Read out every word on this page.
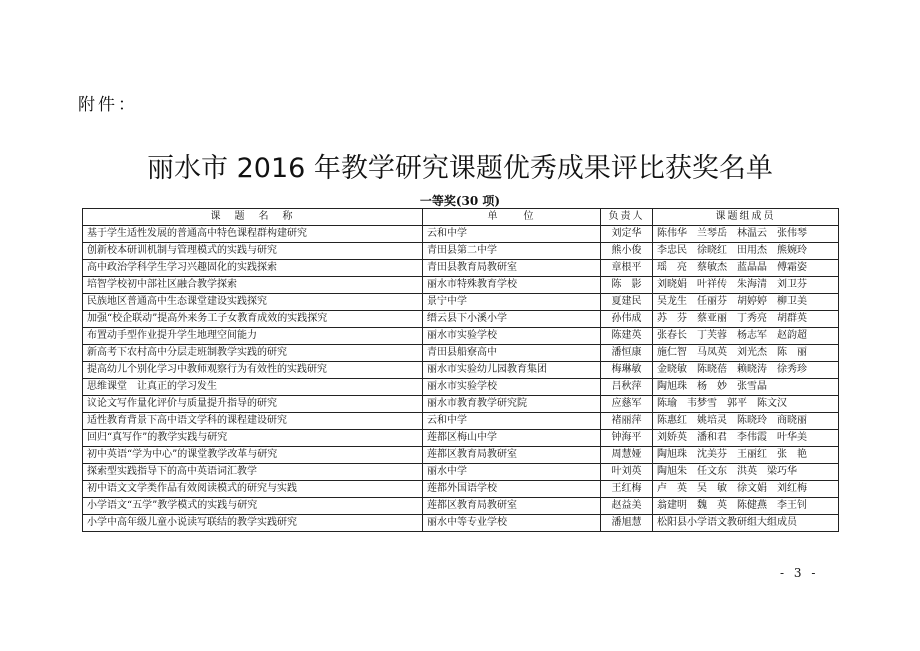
附件：
丽水市 2016 年教学研究课题优秀成果评比获奖名单
一等奖(30 项)
课　题　名　称	单　　位	负责人	课题组成员
基于学生适性发展的普通高中特色课程群构建研究	云和中学	刘定华	陈伟华　兰琴岳　林温云　张伟琴
创新校本研训机制与管理模式的实践与研究	青田县第二中学	熊小俊	李忠民　徐晓红　田用杰　熊婉玲
高中政治学科学生学习兴趣固化的实践探索	青田县教育局教研室	章根平	瑶　亮　蔡敏杰　蓝晶晶　傅霜姿
培智学校初中部社区融合教学探索	丽水市特殊教育学校	陈　影	刘晓娟　叶祥传　朱海清　刘卫芬
民族地区普通高中生态课堂建设实践探究	景宁中学	夏建民	吴龙生　任丽芬　胡婷婷　柳卫美
加强“校企联动”提高外来务工子女教育成效的实践探究	缙云县下小溪小学	孙伟成	苏　芬　蔡亚丽　丁秀亮　胡群英
布置动手型作业提升学生地理空间能力	丽水市实验学校	陈建英	张春长　丁芙蓉　杨志军　赵韵超
新高考下农村高中分层走班制教学实践的研究	青田县船寮高中	潘恒康	施仁智　马凤英　刘光杰　陈　丽
提高幼儿个别化学习中教师观察行为有效性的实践研究	丽水市实验幼儿园教育集团	梅琳敏	金晓敏　陈晓蓓　赖晓涛　徐秀珍
思维课堂　让真正的学习发生	丽水市实验学校	吕秋萍	陶旭珠　杨　妙　张雪晶
议论文写作量化评价与质量提升指导的研究	丽水市教育教学研究院	应慈军	陈瑜　韦梦雪　郭平　陈文汉
适性教育背景下高中语文学科的课程建设研究	云和中学	褚丽萍	陈惠红　姚培灵　陈晓玲　商晓丽
回归“真写作”的教学实践与研究	莲都区梅山中学	钟海平	刘娇英　潘和君　李伟霞　叶华美
初中英语“学为中心”的课堂教学改革与研究	莲都区教育局教研室	周慧娅	陶旭珠　沈美芬　王丽红　张　艳
探索型实践指导下的高中英语词汇教学	丽水中学	叶刘英	陶旭朱　任文东　洪英　梁巧华
初中语文文学类作品有效阅读模式的研究与实践	莲都外国语学校	王红梅	卢　英　吴　敏　徐文娟　刘红梅
小学语文“五学”教学模式的实践与研究	莲都区教育局教研室	赵益美	翁建明　魏　英　陈健燕　李王钊
小学中高年级儿童小说读写联结的教学实践研究	丽水中等专业学校	潘旭慧	松阳县小学语文教研组大组成员
- 3 -
